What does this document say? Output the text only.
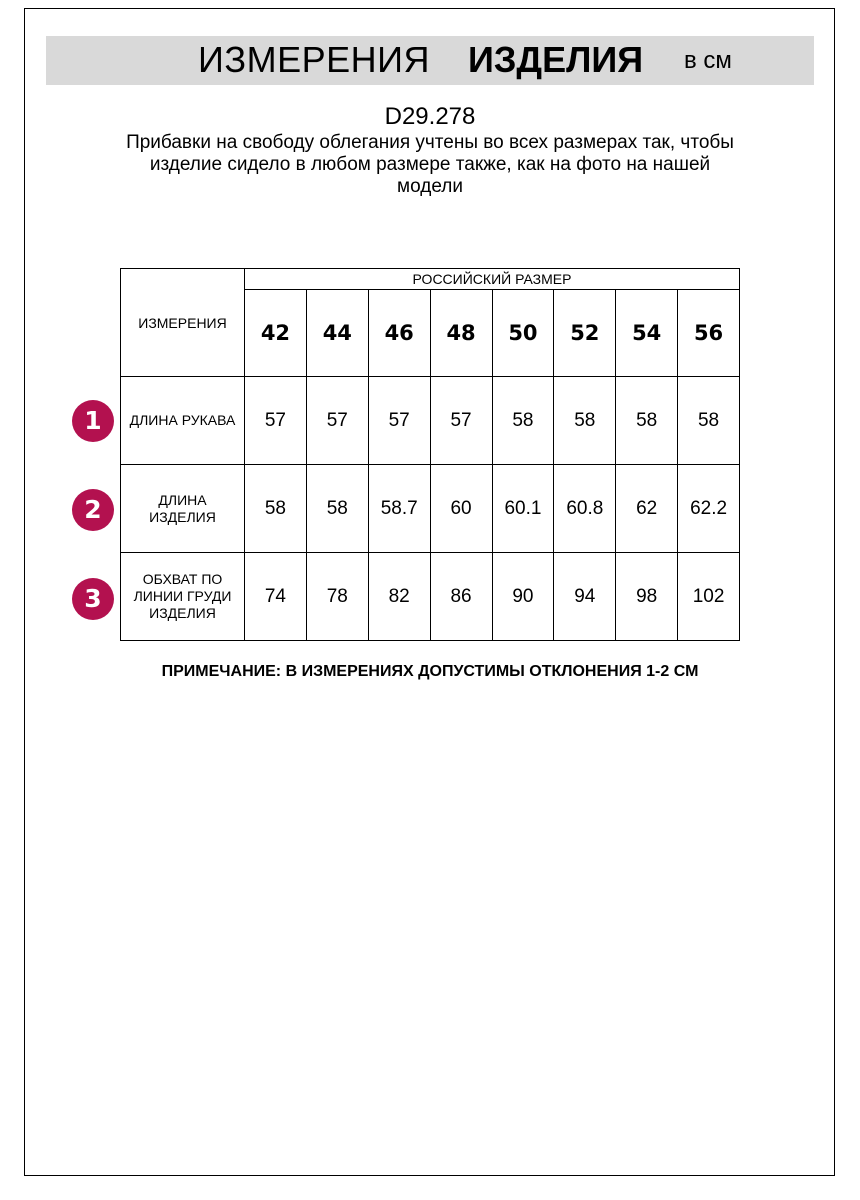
ИЗМЕРЕНИЯ ИЗДЕЛИЯ в см
D29.278
Прибавки на свободу облегания учтены во всех размерах так, чтобы изделие сидело в любом размере также, как на фото на нашей модели
ИЗМЕРЕНИЯ	РОССИЙСКИЙ РАЗМЕР							
	42	44	46	48	50	52	54	56
ДЛИНА РУКАВА	57	57	57	57	58	58	58	58
ДЛИНА ИЗДЕЛИЯ	58	58	58.7	60	60.1	60.8	62	62.2
ОБХВАТ ПО ЛИНИИ ГРУДИ ИЗДЕЛИЯ	74	78	82	86	90	94	98	102
1
2
3
ПРИМЕЧАНИЕ: В ИЗМЕРЕНИЯХ ДОПУСТИМЫ ОТКЛОНЕНИЯ 1-2 СМ
